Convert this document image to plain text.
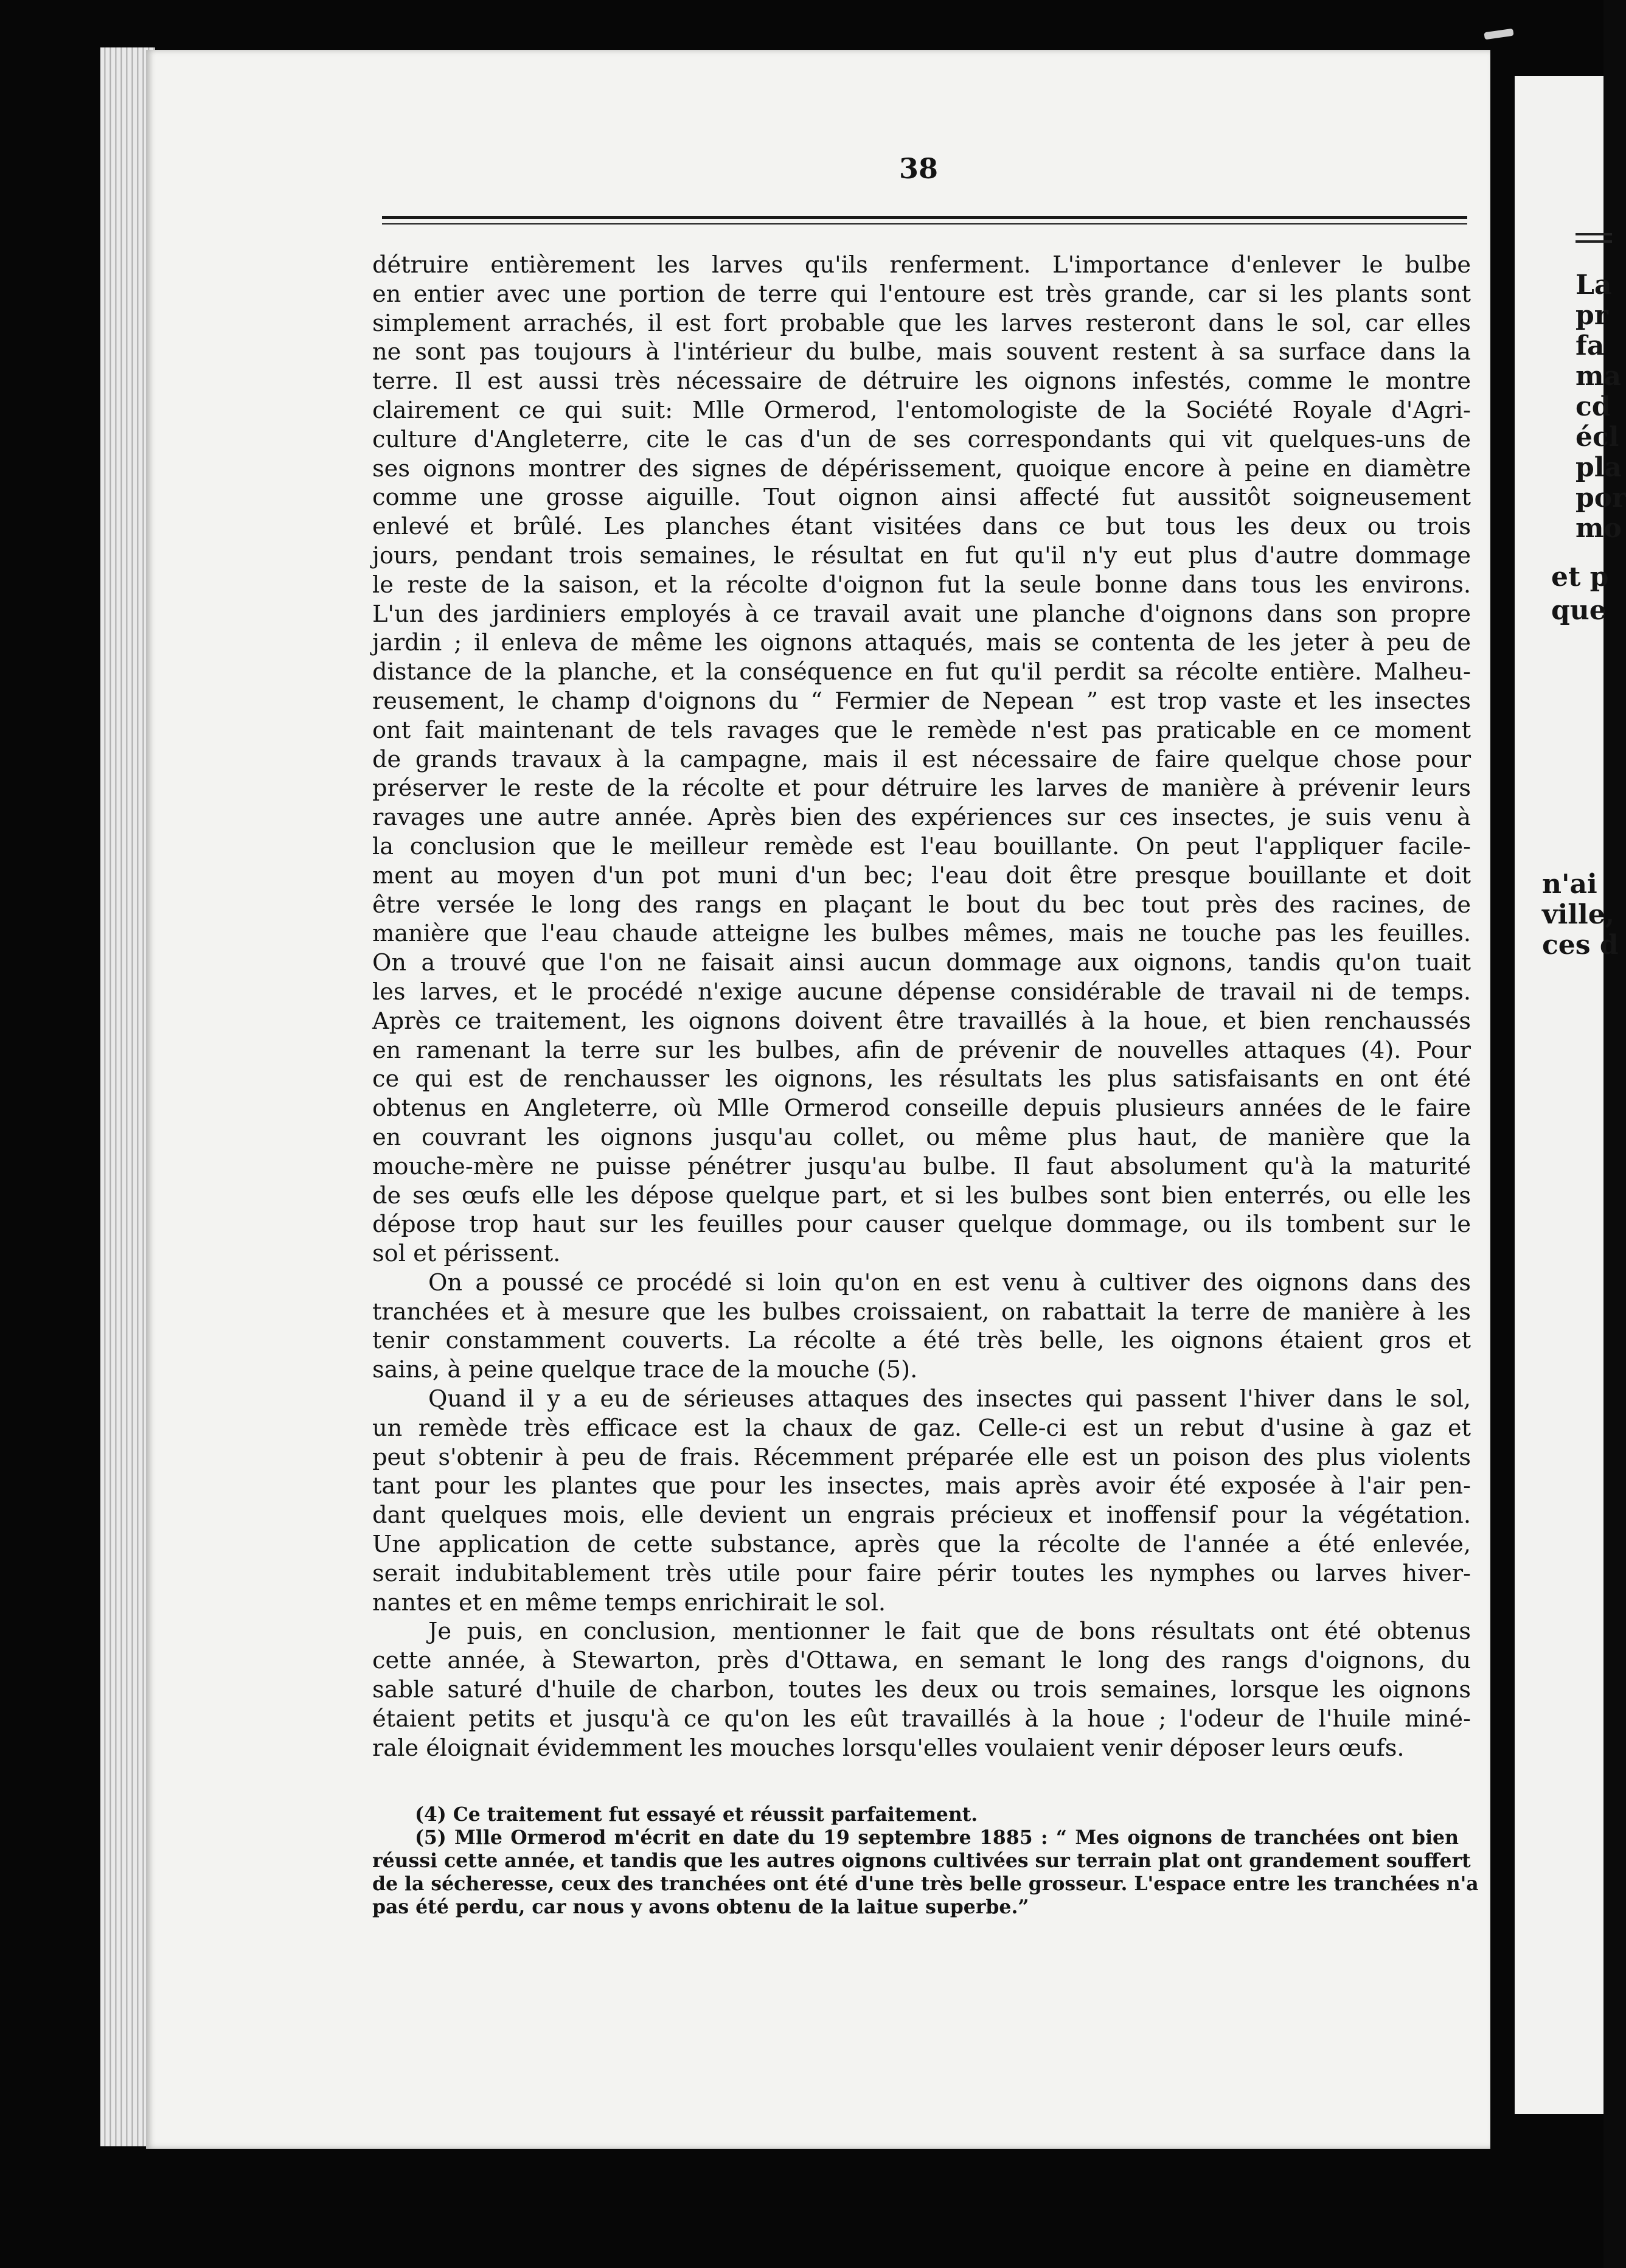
38
détruire entièrement les larves qu'ils renferment. L'importance d'enlever le bulbe
en entier avec une portion de terre qui l'entoure est très grande, car si les plants sont
simplement arrachés, il est fort probable que les larves resteront dans le sol, car elles
ne sont pas toujours à l'intérieur du bulbe, mais souvent restent à sa surface dans la
terre. Il est aussi très nécessaire de détruire les oignons infestés, comme le montre
clairement ce qui suit: Mlle Ormerod, l'entomologiste de la Société Royale d'Agri-
culture d'Angleterre, cite le cas d'un de ses correspondants qui vit quelques-uns de
ses oignons montrer des signes de dépérissement, quoique encore à peine en diamètre
comme une grosse aiguille. Tout oignon ainsi affecté fut aussitôt soigneusement
enlevé et brûlé. Les planches étant visitées dans ce but tous les deux ou trois
jours, pendant trois semaines, le résultat en fut qu'il n'y eut plus d'autre dommage
le reste de la saison, et la récolte d'oignon fut la seule bonne dans tous les environs.
L'un des jardiniers employés à ce travail avait une planche d'oignons dans son propre
jardin ; il enleva de même les oignons attaqués, mais se contenta de les jeter à peu de
distance de la planche, et la conséquence en fut qu'il perdit sa récolte entière. Malheu-
reusement, le champ d'oignons du “ Fermier de Nepean ” est trop vaste et les insectes
ont fait maintenant de tels ravages que le remède n'est pas praticable en ce moment
de grands travaux à la campagne, mais il est nécessaire de faire quelque chose pour
préserver le reste de la récolte et pour détruire les larves de manière à prévenir leurs
ravages une autre année. Après bien des expériences sur ces insectes, je suis venu à
la conclusion que le meilleur remède est l'eau bouillante. On peut l'appliquer facile-
ment au moyen d'un pot muni d'un bec; l'eau doit être presque bouillante et doit
être versée le long des rangs en plaçant le bout du bec tout près des racines, de
manière que l'eau chaude atteigne les bulbes mêmes, mais ne touche pas les feuilles.
On a trouvé que l'on ne faisait ainsi aucun dommage aux oignons, tandis qu'on tuait
les larves, et le procédé n'exige aucune dépense considérable de travail ni de temps.
Après ce traitement, les oignons doivent être travaillés à la houe, et bien renchaussés
en ramenant la terre sur les bulbes, afin de prévenir de nouvelles attaques (4). Pour
ce qui est de renchausser les oignons, les résultats les plus satisfaisants en ont été
obtenus en Angleterre, où Mlle Ormerod conseille depuis plusieurs années de le faire
en couvrant les oignons jusqu'au collet, ou même plus haut, de manière que la
mouche-mère ne puisse pénétrer jusqu'au bulbe. Il faut absolument qu'à la maturité
de ses œufs elle les dépose quelque part, et si les bulbes sont bien enterrés, ou elle les
dépose trop haut sur les feuilles pour causer quelque dommage, ou ils tombent sur le
sol et périssent.
On a poussé ce procédé si loin qu'on en est venu à cultiver des oignons dans des
tranchées et à mesure que les bulbes croissaient, on rabattait la terre de manière à les
tenir constamment couverts. La récolte a été très belle, les oignons étaient gros et
sains, à peine quelque trace de la mouche (5).
Quand il y a eu de sérieuses attaques des insectes qui passent l'hiver dans le sol,
un remède très efficace est la chaux de gaz. Celle-ci est un rebut d'usine à gaz et
peut s'obtenir à peu de frais. Récemment préparée elle est un poison des plus violents
tant pour les plantes que pour les insectes, mais après avoir été exposée à l'air pen-
dant quelques mois, elle devient un engrais précieux et inoffensif pour la végétation.
Une application de cette substance, après que la récolte de l'année a été enlevée,
serait indubitablement très utile pour faire périr toutes les nymphes ou larves hiver-
nantes et en même temps enrichirait le sol.
Je puis, en conclusion, mentionner le fait que de bons résultats ont été obtenus
cette année, à Stewarton, près d'Ottawa, en semant le long des rangs d'oignons, du
sable saturé d'huile de charbon, toutes les deux ou trois semaines, lorsque les oignons
étaient petits et jusqu'à ce qu'on les eût travaillés à la houe ; l'odeur de l'huile miné-
rale éloignait évidemment les mouches lorsqu'elles voulaient venir déposer leurs œufs.
(4) Ce traitement fut essayé et réussit parfaitement.
(5) Mlle Ormerod m'écrit en date du 19 septembre 1885 : “ Mes oignons de tranchées ont bien
réussi cette année, et tandis que les autres oignons cultivées sur terrain plat ont grandement souffert
de la sécheresse, ceux des tranchées ont été d'une très belle grosseur. L'espace entre les tranchées n'a
pas été perdu, car nous y avons obtenu de la laitue superbe.”
La
pr
fa
ma
cd
écl
pla
por
mo
et p
que
n'ai
ville,
ces d
